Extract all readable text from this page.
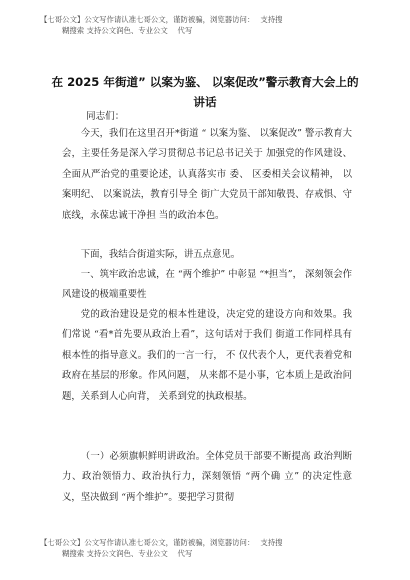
【七哥公文】公文写作请认准七哥公文，谨防被骗，浏览器访问：　 支持搜
糊搜索 支持公文润色、专业公文　 代写
在 2025 年街道” 以案为鉴、 以案促改”警示教育大会上的讲话
同志们：
今天，我们在这里召开*街道 “ 以案为鉴、 以案促改” 警示教育大会，主要任务是深入学习贯彻总书记总书记关于 加强党的作风建设、全面从严治党的重要论述，认真落实市 委、 区委相关会议精神， 以案明纪、 以案说法，教育引导全 街广大党员干部知敬畏、存戒惧、守底线，永葆忠诚干净担 当的政治本色。
下面，我结合街道实际，讲五点意见。
一、筑牢政治忠诚，在 “两个维护” 中彰显 “*担当”， 深刻领会作风建设的极端重要性
党的政治建设是党的根本性建设，决定党的建设方向和效果。我们常说 “看*首先要从政治上看”，这句话对于我们 街道工作同样具有根本性的指导意义。我们的一言一行， 不 仅代表个人，更代表着党和政府在基层的形象。作风问题， 从来都不是小事，它本质上是政治问题，关系到人心向背， 关系到党的执政根基。
（一）必须旗帜鲜明讲政治。全体党员干部要不断提高 政治判断力、政治领悟力、政治执行力，深刻领悟 “两个确 立” 的决定性意义，坚决做到 “两个维护”。要把学习贯彻
【七哥公文】公文写作请认准七哥公文，谨防被骗，浏览器访问：　 支持搜
糊搜索 支持公文润色、专业公文　 代写
